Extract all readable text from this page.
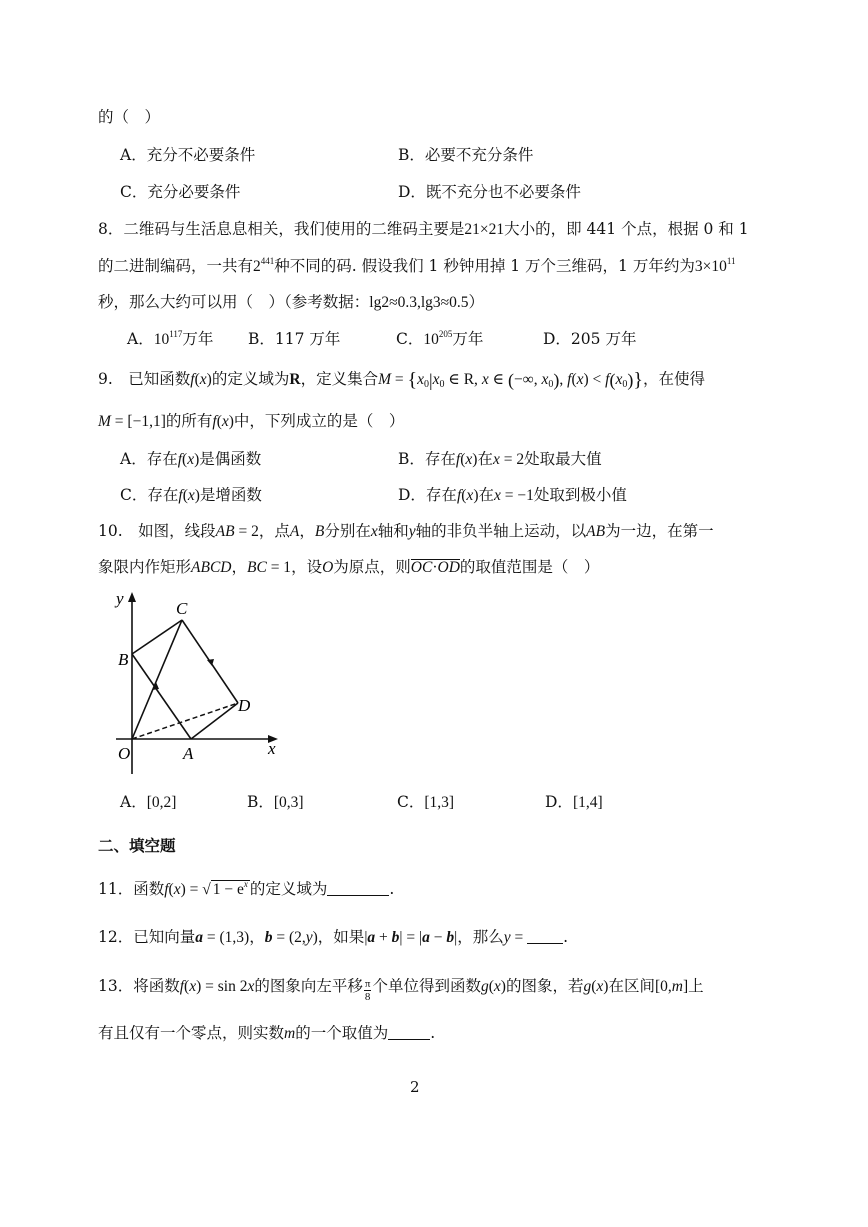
的（　）
A．充分不必要条件	B．必要不充分条件
C．充分必要条件	D．既不充分也不必要条件
8．二维码与生活息息相关，我们使用的二维码主要是21×21大小的，即 441 个点，根据 0 和 1
的二进制编码，一共有$2^{441}$种不同的码. 假设我们 1 秒钟用掉 1 万个三维码，1 万年约为$3\times 10^{11}$
秒，那么大约可以用（　）（参考数据：lg2≈0.3,lg3≈0.5）
A．$10^{117}$万年 B．117 万年	C．$10^{205}$万年	D．205 万年
9.　已知函数f(x)的定义域为R，定义集合$M = \{x_0|x_0$ ∈ R, x ∈ (−∞, $x_0$), $f(x) < f(x_0)$}，在使得
M = [−1,1]的所有f(x)中，下列成立的是（　）
A．存在f(x)是偶函数	B．存在f(x)在x = 2处取最大值
C．存在f(x)是增函数	D．存在f(x)在x = −1处取到极小值
10.　如图，线段AB = 2，点A，B分别在x轴和y轴的非负半轴上运动，以AB为一边，在第一
象限内作矩形ABCD，BC = 1，设O为原点，则OC·OD的取值范围是（　）
y
x
C
B
D
O	A
A．[0,2]	B．[0,3]	C．[1,3]	D．[1,4]
二、填空题
11．函数f(x) = √ $1 - e^x$ 的定义域为	.
12．已知向量a = (1,3)，b = (2,y)，如果|a + b| = |a − b|，那么y = .
13．将函数f(x) = sin 2x的图象向左平移 $\frac{\pi}{8}$ 个单位得到函数g(x)的图象，若g(x)在区间[0,m]上
有且仅有一个零点，则实数m的一个取值为	.
2
